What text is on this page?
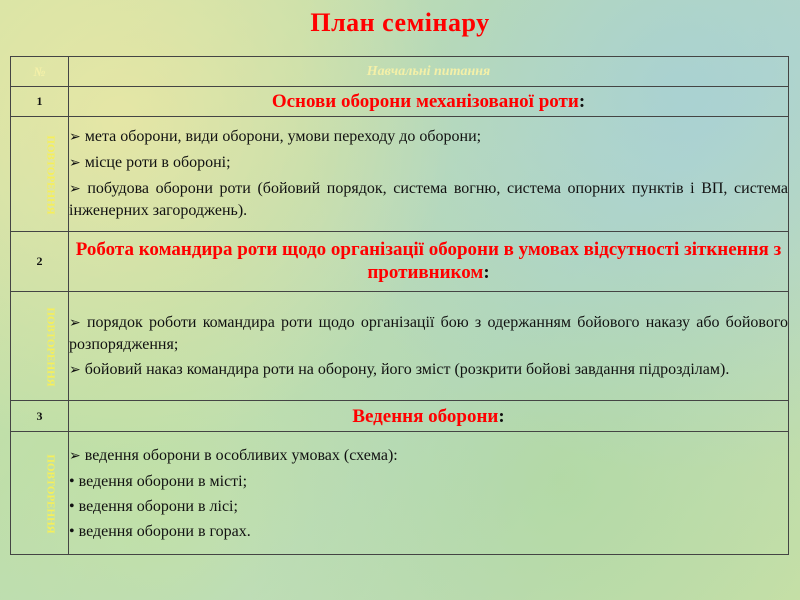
План семінару
№	Навчальні питання
1	Основи оборони механізованої роти:
ПОВТОРЕННЯ	➢ мета оборони, види оборони, умови переходу до оборони;

➢ місце роти в обороні;

➢ побудова оборони роти (бойовий порядок, система вогню, система опорних пунктів і ВП, система інженерних загороджень).

2	Робота командира роти щодо організації оборони в умовах відсутності зіткнення з противником:
ПОВТОРЕННЯ	➢ порядок роботи командира роти щодо організації бою з одержанням бойового наказу або бойового розпорядження;

➢ бойовий наказ командира роти на оборону, його зміст (розкрити бойові завдання підрозділам).

3	Ведення оборони:
ПОВТОРЕННЯ	➢ ведення оборони в особливих умовах (схема):

• ведення оборони в місті;

• ведення оборони в лісі;

• ведення оборони в горах.
